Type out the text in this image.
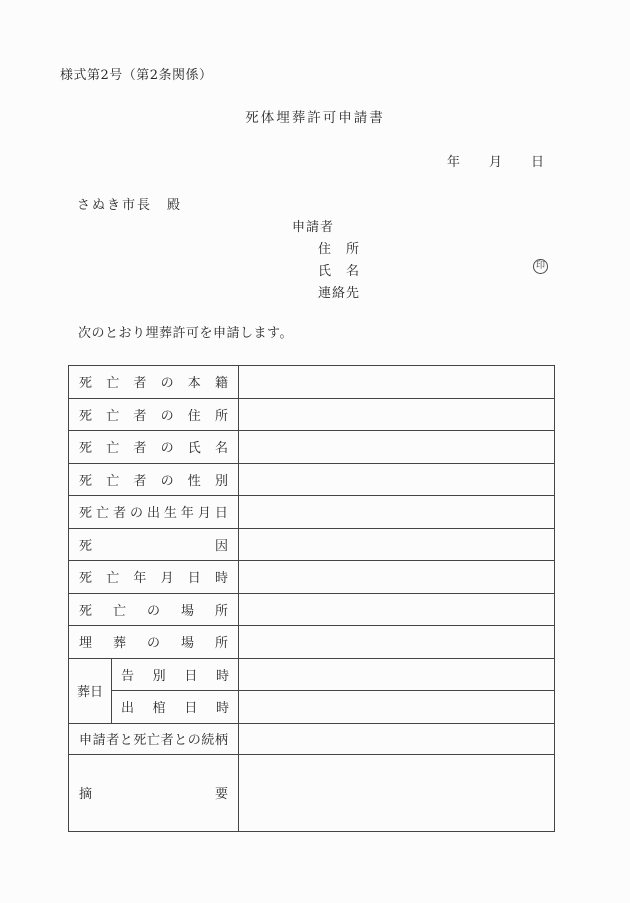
様式第2号（第2条関係）
死体埋葬許可申請書
年 月 日
さぬき市長　殿
申請者
住 所
氏 名
連 絡 先
印
次のとおり埋葬許可を申請します。
死 亡 者 の 本 籍

死 亡 者 の 住 所

死 亡 者 の 氏 名

死 亡 者 の 性 別

死 亡 者 の 出 生 年 月 日

死 因		

死 亡 年 月 日 時

死 亡 の 場 所		

埋 葬 の 場 所		

葬日	告 別 日 時	

	出 棺 日 時	

申 請 者 と 死 亡 者 と の 続 柄

摘 要		
